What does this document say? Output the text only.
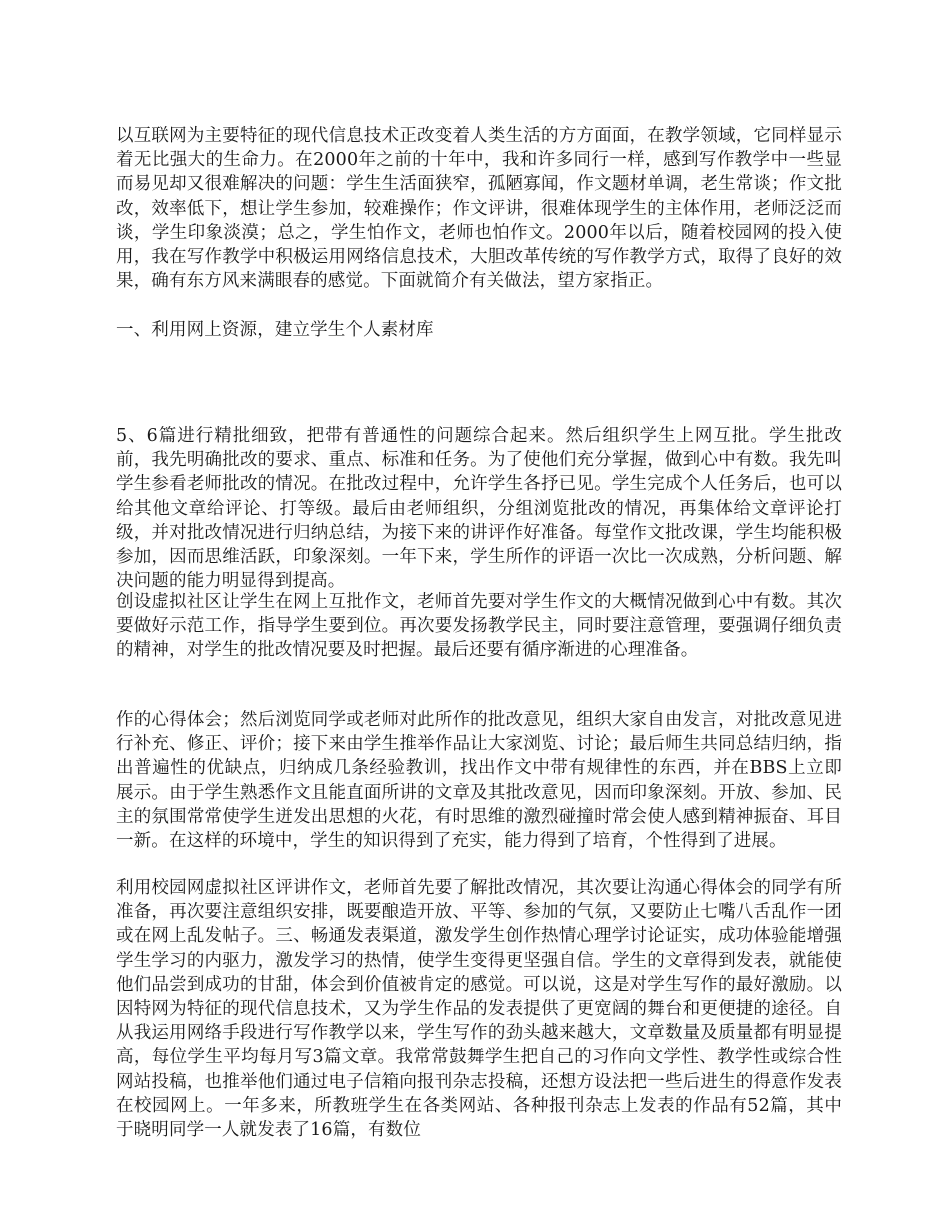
以互联网为主要特征的现代信息技术正改变着人类生活的方方面面，在教学领域，它同样显示着无比强大的生命力。在2000年之前的十年中，我和许多同行一样，感到写作教学中一些显而易见却又很难解决的问题：学生生活面狭窄，孤陋寡闻，作文题材单调，老生常谈；作文批改，效率低下，想让学生参加，较难操作；作文评讲，很难体现学生的主体作用，老师泛泛而谈，学生印象淡漠；总之，学生怕作文，老师也怕作文。2000年以后，随着校园网的投入使用，我在写作教学中积极运用网络信息技术，大胆改革传统的写作教学方式，取得了良好的效果，确有东方风来满眼春的感觉。下面就简介有关做法，望方家指正。

一、利用网上资源，建立学生个人素材库

5、6篇进行精批细致，把带有普通性的问题综合起来。然后组织学生上网互批。学生批改前，我先明确批改的要求、重点、标准和任务。为了使他们充分掌握，做到心中有数。我先叫学生参看老师批改的情况。在批改过程中，允许学生各抒已见。学生完成个人任务后，也可以给其他文章给评论、打等级。最后由老师组织，分组浏览批改的情况，再集体给文章评论打级，并对批改情况进行归纳总结，为接下来的讲评作好准备。每堂作文批改课，学生均能积极参加，因而思维活跃，印象深刻。一年下来，学生所作的评语一次比一次成熟，分析问题、解决问题的能力明显得到提高。

创设虚拟社区让学生在网上互批作文，老师首先要对学生作文的大概情况做到心中有数。其次要做好示范工作，指导学生要到位。再次要发扬教学民主，同时要注意管理，要强调仔细负责的精神，对学生的批改情况要及时把握。最后还要有循序渐进的心理准备。

作的心得体会；然后浏览同学或老师对此所作的批改意见，组织大家自由发言，对批改意见进行补充、修正、评价；接下来由学生推举作品让大家浏览、讨论；最后师生共同总结归纳，指出普遍性的优缺点，归纳成几条经验教训，找出作文中带有规律性的东西，并在BBS上立即展示。由于学生熟悉作文且能直面所讲的文章及其批改意见，因而印象深刻。开放、参加、民主的氛围常常使学生迸发出思想的火花，有时思维的激烈碰撞时常会使人感到精神振奋、耳目一新。在这样的环境中，学生的知识得到了充实，能力得到了培育，个性得到了进展。

利用校园网虚拟社区评讲作文，老师首先要了解批改情况，其次要让沟通心得体会的同学有所准备，再次要注意组织安排，既要酿造开放、平等、参加的气氛，又要防止七嘴八舌乱作一团或在网上乱发帖子。三、畅通发表渠道，激发学生创作热情心理学讨论证实，成功体验能增强学生学习的内驱力，激发学习的热情，使学生变得更坚强自信。学生的文章得到发表，就能使他们品尝到成功的甘甜，体会到价值被肯定的感觉。可以说，这是对学生写作的最好激励。以因特网为特征的现代信息技术，又为学生作品的发表提供了更宽阔的舞台和更便捷的途径。自从我运用网络手段进行写作教学以来，学生写作的劲头越来越大，文章数量及质量都有明显提高，每位学生平均每月写3篇文章。我常常鼓舞学生把自己的习作向文学性、教学性或综合性网站投稿，也推举他们通过电子信箱向报刊杂志投稿，还想方设法把一些后进生的得意作发表在校园网上。一年多来，所教班学生在各类网站、各种报刊杂志上发表的作品有52篇，其中于晓明同学一人就发表了16篇，有数位
